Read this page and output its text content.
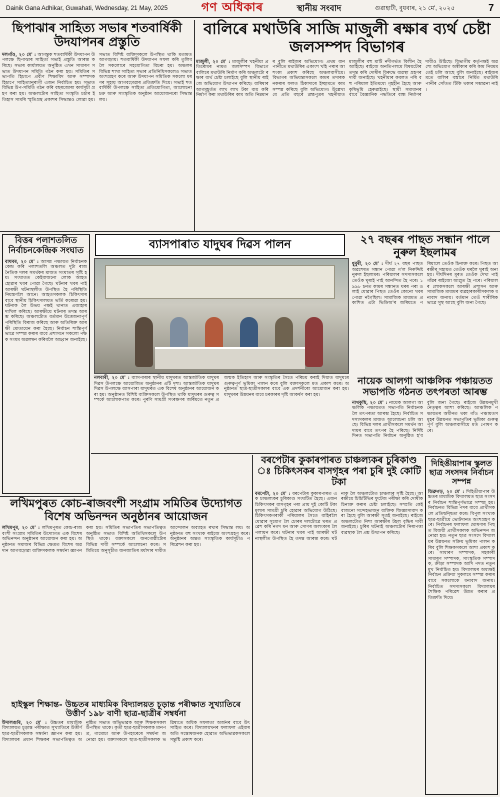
Dainik Gana Adhikar, Guwahati, Wednesday, 21 May, 2025	গণ অধিকাৰ	স্থানীয় সংবাদ	গুৱাহাটী, বুধবাৰ, ২১ মে', ২০২৫	7
ছিপাঝাৰ সাহিত্য সভাৰ শতবাৰ্ষিকী উদযাপনৰ প্ৰস্তুতি
দলগাঁও, ২০ মে' : আগন্তুক শতবাৰ্ষিকী উদযাপন উপলক্ষে ছিপাঝাৰ সাহিত্য সভাই প্ৰস্তুতি আৰম্ভ কৰিছে। সভাৰ কাৰ্যালয়ত অনুষ্ঠিত এখন সাধাৰণ সভাত উদযাপন সমিতি গঠন কৰা হয়। সমিতিৰ সভাপতি হিচাপে প্ৰবীণ শিক্ষাবিদ আৰু সম্পাদক হিচাপে সাহিত্যানুৰাগী এজন নিৰ্বাচিত হয়। সভাত বিভিন্ন উপ-সমিতি গঠন কৰি বছৰজোৰা কাৰ্যসূচী গ্ৰহণ কৰা হয়। অঞ্চলটোৰ সাহিত্য সংস্কৃতি চৰ্চাৰ ইতিহাস সামৰি স্মৃতিগ্ৰন্থ প্ৰকাশৰ সিদ্ধান্তও লোৱা হয়। সভাত বিশিষ্ট ব্যক্তিসকলে উপস্থিত থাকি মতামত আগবঢ়ায়। শতবাৰ্ষিকী উদযাপন সফল কৰি তুলিবলৈ সকলোৰে সহযোগিতা বিচৰা হয়। অঞ্চলৰ বিভিন্ন শাখা সাহিত্য সভাৰ প্ৰতিনিধিসকলেও সভাত অংশগ্ৰহণ কৰে আৰু উদযাপন সমিতিক সকলো ধৰণৰ সহায় আগবঢ়োৱাৰ প্ৰতিশ্ৰুতি দিয়ে। সভাই শতবাৰ্ষিকী উপলক্ষে সাহিত্য প্ৰতিযোগিতা, আলোচনা চক্ৰ আৰু সাংস্কৃতিক অনুষ্ঠান আয়োজনৰো সিদ্ধান্ত লয়।
বালিৰে মথাউৰি সাজি মাজুলী ৰক্ষাৰ ব্যৰ্থ চেষ্টা জলসম্পদ বিভাগৰ
মাজুলী, ২০ মে' : মাজুলীৰ খহনীয়া প্ৰতিৰোধৰ নামত জলসম্পদ বিভাগে বালিৰে মথাউৰি নিৰ্মাণ কৰি অঞ্চলটো ৰক্ষাৰ ব্যৰ্থ চেষ্টা চলাইছে বুলি স্থানীয় ৰাইজে অভিযোগ উত্থাপন কৰিছে। বাৰিষাৰ আগমূহূৰ্তত লাখ লাখ টকা ব্যয় কৰি নিৰ্মাণ কৰা মথাউৰিৰ কাম অতি নিম্নমানৰ বুলি ৰাইজৰ অভিযোগ। প্ৰথম বানপানীতে মথাউৰিৰ একাংশ খহি পৰাৰ আশংকা প্ৰকাশ কৰিছে অঞ্চলবাসীয়ে। বিভাগৰ অভিযন্তাসকলে কামৰ তদাৰক নকৰাৰ ফলত ঠিকাদাৰে ইচ্ছামতে কাম সম্পন্ন কৰিছে বুলি অভিযোগ। উল্লেখ্য যে প্ৰতি বছৰে ব্ৰহ্মপুত্ৰৰ খহনীয়াত মাজুলীৰ বহু মাটি নদীগৰ্ভত বিলীন হৈ আহিছে। ৰাইজে অনতিপলমে বিষয়টোৰ তদন্ত কৰি দোষীৰ বিৰুদ্ধে ব্যৱস্থা গ্ৰহণৰ দাবী জনাইছে। খহনীয়াৰ কবলত পৰি বহু পৰিয়াল ইতিমধ্যে গৃহহীন হৈছে আৰু কৃষিভূমি হেৰুৱাইছে। স্থায়ী সমাধানৰ বাবে বৈজ্ঞানিক পদ্ধতিৰে বান্ধ নিৰ্মাণৰ দাবীও উঠিছে। বিভাগীয় কৰ্তৃপক্ষই অৱশ্যে অভিযোগ অস্বীকাৰ কৰি কাম নিয়মমতেই চলি আছে বুলি জনাইছে। ৰাইজৰ মতে বালিৰ বস্তাৰে নিৰ্মিত মথাউৰি পানীৰ সোঁতত টিকি থকাৰ সম্ভাৱনা নাই।
বিত্তৰ পলাশতলিত নিৰ্বাচনকেন্দ্ৰিক সংঘাত
বাঘবৰ, ২০ মে' : আসন্ন পঞ্চায়ত নিৰ্বাচনক কেন্দ্ৰ কৰি পলাশতলি অঞ্চলত দুটা ৰাজনৈতিক দলৰ সমৰ্থকৰ মাজত সংঘাতৰ সৃষ্টি হয়। সংঘাতত কেইবাজনো লোক আহত হোৱাৰ খবৰ পোৱা গৈছে। ঘটনাৰ খবৰ পাই আৰক্ষী ঘটনাস্থলীত উপস্থিত হৈ পৰিস্থিতি নিয়ন্ত্ৰণলৈ আনে। আহতসকলক চিকিৎসাৰ বাবে স্থানীয় চিকিৎসালয়ত ভৰ্তি কৰোৱা হয়। ঘটনাক লৈ উভয় পক্ষই থানাত এজাহাৰ দাখিল কৰিছে। আৰক্ষীয়ে ঘটনাৰ তদন্ত আৰম্ভ কৰিছে। অঞ্চলটোত বৰ্তমান উত্তেজনাপূৰ্ণ পৰিস্থিতি বিৰাজ কৰিছে আৰু অতিৰিক্ত আৰক্ষী মোতায়েন কৰা হৈছে। নিৰ্বাচন শান্তিপূৰ্ণভাৱে সম্পন্ন কৰাৰ বাবে প্ৰশাসনে সকলো পক্ষক সংযম অৱলম্বন কৰিবলৈ আহ্বান জনাইছে।
ব্যাসপাৰাত যাদুঘৰ দিৱস পালন
নলবাৰী, ২০ মে' : ব্যাসপাৰাৰ স্থানীয় যাদুঘৰত আন্তৰ্জাতিক যাদুঘৰ দিৱস উপলক্ষে আয়োজিত অনুষ্ঠানৰ এটি দৃশ্য। আন্তৰ্জাতিক যাদুঘৰ দিৱস উপলক্ষে ব্যাসপাৰা যাদুঘৰত এক বিশেষ অনুষ্ঠানৰ আয়োজন কৰা হয়। অনুষ্ঠানত বিশিষ্ট ব্যক্তিসকলে উপস্থিত থাকি যাদুঘৰৰ গুৰুত্ব সম্পৰ্কে আলোকপাত কৰে। পুৰণি সামগ্ৰী সংৰক্ষণৰ জৰিয়তে নতুন প্ৰজন্মক ইতিহাস আৰু সংস্কৃতিৰ সৈতে পৰিচয় কৰাই দিয়াত যাদুঘৰে গুৰুত্বপূৰ্ণ ভূমিকা পালন কৰে বুলি বক্তাসকলে মত প্ৰকাশ কৰে। অনুষ্ঠানত ছাত্ৰ-ছাত্ৰীসকলৰ বাবে এক প্ৰদৰ্শনীৰো আয়োজন কৰা হয়। যাদুঘৰৰ উন্নয়নৰ বাবে চৰকাৰৰ দৃষ্টি আকৰ্ষণ কৰা হয়।
২৭ বছৰৰ পাছত সন্ধান পালে নুৰুল ইছলামৰ
ধুবুৰী, ২০ মে' : দীৰ্ঘ ২৭ বছৰ পাছত অৱশেষত সন্ধান পোৱা গ'ল নিৰুদ্দিষ্ট নুৰুল ইছলামৰ। পৰিয়ালৰ সদস্যসকলে তেওঁক ঘূৰাই পাই আনন্দিত হৈ পৰে। ১৯৯৮ চনত কামৰ সন্ধানত ঘৰৰ পৰা ওলাই যোৱাৰ পিছত তেওঁৰ কোনো খবৰ পোৱা নগৈছিল। সামাজিক মাধ্যমত প্ৰকাশিত এটা ভিডিঅ'ৰ জৰিয়তে পৰিয়ালে তেওঁক চিনাক্ত কৰে। পিছত আৰক্ষীৰ সহায়ত তেওঁক ঘৰলৈ ঘূৰাই অনা হয়। দীৰ্ঘদিনৰ মূৰত তেওঁক দেখা পাই গাঁৱৰ ৰাইজো আপ্লুত হৈ পৰে। পৰিয়ালৰ লোকসকলে আৰক্ষী প্ৰশাসন আৰু সামাজিক মাধ্যমৰ ব্যৱহাৰকাৰীসকলক ধন্যবাদ জনায়। বৰ্তমান তেওঁ শাৰীৰিকভাৱে সুস্থ আছে বুলি জনা গৈছে।
নায়েক আলগা আঞ্চলিক পঞ্চায়তত সভাপতি গঠনত তৎপৰতা আৰম্ভ
নাথকুছি, ২০ মে' : নায়েক আলগা আঞ্চলিক পঞ্চায়তত সভাপতি নিৰ্বাচনক লৈ তৎপৰতা আৰম্ভ হৈছে। নিৰ্বাচিত সদস্যসকলৰ মাজত আলোচনা চলি আছে। বিভিন্ন দলৰ প্ৰাৰ্থীসকলে সমৰ্থন আদায়ৰ বাবে তৎপৰ হৈ পৰিছে। নিৰ্দিষ্ট দিনত সভাপতি নিৰ্বাচন অনুষ্ঠিত হ'ব বুলি জনা গৈছে। ৰাইজে উন্নয়নমুখী নেতৃত্বৰ আশা কৰিছে। আঞ্চলিক পঞ্চায়তৰ অধীনত থকা গাঁও পঞ্চায়তসমূহৰ উন্নয়নত সভাপতিৰ ভূমিকা গুৰুত্বপূৰ্ণ বুলি অঞ্চলবাসীয়ে মত পোষণ কৰে।
লখিমপুৰত কোচ-ৰাজবংশী সংগ্ৰাম সমিতিৰ উদ্যোগত বিশেষ অভিনন্দন অনুষ্ঠানৰ আয়োজন
লখিমপুৰ, ২০ মে' : লখিমপুৰত কোচ-ৰাজবংশী সংগ্ৰাম সমিতিৰ উদ্যোগত এক বিশেষ অভিনন্দন অনুষ্ঠানৰ আয়োজন কৰা হয়। অনুষ্ঠানত সমাজৰ বিভিন্ন ক্ষেত্ৰত বিশেষ অৱদান আগবঢ়োৱা ব্যক্তিসকলক সম্বৰ্ধনা জ্ঞাপন কৰা হয়। সমিতিৰ সভাপতিৰ সভাপতিত্বত অনুষ্ঠিত সভাত বিশিষ্ট অতিথিসকলে উপস্থিত থাকে। বক্তাসকলে জনগোষ্ঠীটোৰ বিভিন্ন দাবী সম্পৰ্কে আলোচনা কৰে। সমিতিয়ে অনুসূচীত জনজাতিৰ মৰ্যাদাৰ দাবীত আন্দোলন অব্যাহত ৰখাৰ সিদ্ধান্ত লয়। অনুষ্ঠানত বহু সংখ্যক ৰাইজে অংশগ্ৰহণ কৰে। অনুষ্ঠানৰ অন্তত সাংস্কৃতিক কাৰ্যসূচীও পৰিৱেশন কৰা হয়।
হাইস্কুল শিক্ষান্ত- উচ্চতৰ মাধ্যমিক বিদ্যালয়ত চূড়ান্ত পৰীক্ষাত সুখ্যাতিৰে উত্তীৰ্ণ ১৯৮ বাণী ছাত্ৰ-ছাত্ৰীৰ সম্বৰ্ধনা
উদালগুৰি, ২০ মে' : উচ্চতৰ মাধ্যমিক বিদ্যালয়ত চূড়ান্ত পৰীক্ষাত সুখ্যাতিৰে উত্তীৰ্ণ ছাত্ৰ-ছাত্ৰীসকলক সম্বৰ্ধনা জ্ঞাপন কৰা হয়। বিদ্যালয়ৰ প্ৰধান শিক্ষকৰ সভাপতিত্বত অনুষ্ঠিত সভাত অভিভাৱক আৰু শিক্ষকসকল উপস্থিত থাকে। কৃতী ছাত্ৰ-ছাত্ৰীসকলক মানপত্ৰ, গামোচা আৰু উপহাৰেৰে সম্বৰ্ধনা জনোৱা হয়। বক্তাসকলে ছাত্ৰ-ছাত্ৰীসকলক ভৱিষ্যতে অধিক সফলতা অৰ্জনৰ বাবে উৎসাহিত কৰে। বিদ্যালয়খনৰ ফলাফল এইবাৰ অতি সন্তোষজনক হোৱাত অভিভাৱকসকলে সন্তুষ্টি প্ৰকাশ কৰে।
বৰপেটাৰ কুকাৰপাৰত চাঞ্চল্যকৰ চুৰিকাণ্ড ঃ চিকিৎসকৰ বাসগৃহৰ পৰা চুৰি দুই কোটি টকা
বৰপেটা, ২০ মে' : বৰপেটাৰ কুকাৰপাৰত এক চাঞ্চল্যকৰ চুৰিকাণ্ড সংঘটিত হৈছে। এজন চিকিৎসকৰ বাসগৃহৰ পৰা প্ৰায় দুই কোটি টকা মূল্যৰ সামগ্ৰী চুৰি হোৱাৰ অভিযোগ উঠিছে। চিকিৎসকগৰাকী পৰিয়ালৰ সৈতে বাহিৰলৈ যোৱাৰ সুযোগ লৈ চোৰৰ দলটোৱে ঘৰত প্ৰৱেশ কৰি নগদ ধন আৰু সোণৰ অলংকাৰ লৈ পলায়ন কৰে। ঘটনাৰ খবৰ পাই আৰক্ষী ঘটনাস্থলীত উপস্থিত হৈ তদন্ত আৰম্ভ কৰে। ঘটনাক লৈ অঞ্চলটোত চাঞ্চল্যৰ সৃষ্টি হৈছে। আৰক্ষীয়ে চিচিটিভিৰ ফুটেজ পৰীক্ষা কৰি দোষীক চিনাক্ত কৰাৰ চেষ্টা চলাইছে। সম্প্ৰতি কেইবাজনো সন্দেহভাজন ব্যক্তিক জিজ্ঞাসাবাদ কৰা হৈছে বুলি আৰক্ষী সূত্ৰই জনাইছে। ৰাইজে অঞ্চলটোত নিশা আৰক্ষীৰ টহল বৃদ্ধিৰ দাবী জনাইছে। চুৰিৰ ঘটনাই অঞ্চলটোৰ নিৰাপত্তা ব্যৱস্থাক লৈ প্ৰশ্ন উত্থাপন কৰিছে।
দিহিঙীয়াপাৰ স্কুলত ছাত্ৰ সংসদৰ নিৰ্বাচন সম্পন্ন
ডিব্ৰুগড়, ২০ মে' : দিহিঙীয়াপাৰ উচ্চতৰ মাধ্যমিক বিদ্যালয়ত ছাত্ৰ সংসদৰ নিৰ্বাচন শান্তিপূৰ্ণভাৱে সম্পন্ন হয়। নিৰ্বাচনত বিভিন্ন পদৰ বাবে প্ৰাৰ্থীসকলে প্ৰতিদ্বন্দ্বিতা কৰে। বিপুল সংখ্যক ছাত্ৰ-ছাত্ৰীয়ে ভোটদানত অংশগ্ৰহণ কৰে। নিৰ্বাচনৰ ফলাফল ঘোষণাৰ পিছত বিজয়ী প্ৰাৰ্থীসকলক অভিনন্দন জনোৱা হয়। নতুন ছাত্ৰ সংসদে বিদ্যালয়ৰ উন্নয়নত সক্ৰিয় ভূমিকা পালন কৰিব বুলি শিক্ষকসকলে আশা প্ৰকাশ কৰে। সাধাৰণ সম্পাদক, সহকাৰী সাধাৰণ সম্পাদক, সাংস্কৃতিক সম্পাদক, ক্ৰীড়া সম্পাদক আদি পদত নতুন মুখ নিৰ্বাচিত হয়। বিদ্যালয়ৰ অধ্যক্ষই নিৰ্বাচন প্ৰক্ৰিয়া সুকলমে সম্পন্ন কৰাৰ বাবে সকলোকে ধন্যবাদ জনায়। নিৰ্বাচিত সদস্যসকলে বিদ্যালয়ৰ শৈক্ষিক পৰিৱেশ উন্নত কৰাৰ প্ৰতিশ্ৰুতি দিয়ে।
